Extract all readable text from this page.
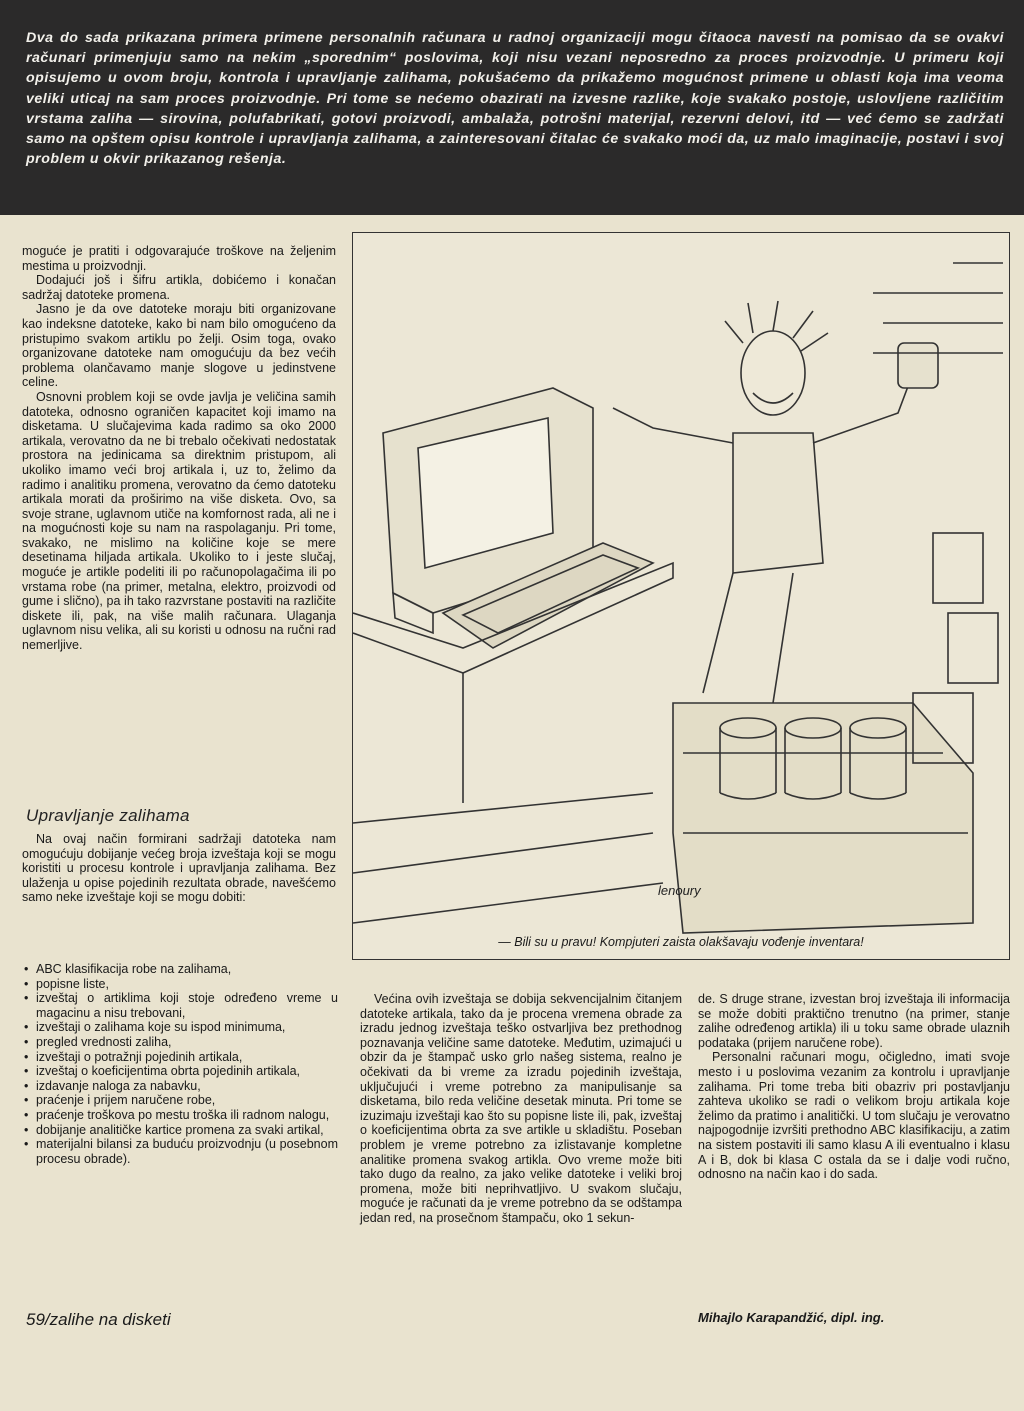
Dva do sada prikazana primera primene personalnih računara u radnoj organizaciji mogu čitaoca navesti na pomisao da se ovakvi računari primenjuju samo na nekim „sporednim“ poslovima, koji nisu vezani neposredno za proces proizvodnje. U primeru koji opisujemo u ovom broju, kontrola i upravljanje zalihama, pokušaćemo da prikažemo mogućnost primene u oblasti koja ima veoma veliki uticaj na sam proces proizvodnje. Pri tome se nećemo obazirati na izvesne razlike, koje svakako postoje, uslovljene različitim vrstama zaliha — sirovina, polufabrikati, gotovi proizvodi, ambalaža, potrošni materijal, rezervni delovi, itd — već ćemo se zadržati samo na opštem opisu kontrole i upravljanja zalihama, a zainteresovani čitalac će svakako moći da, uz malo imaginacije, postavi i svoj problem u okvir prikazanog rešenja.

moguće je pratiti i odgovarajuće troškove na željenim mestima u proizvodnji.

Dodajući još i šifru artikla, dobićemo i konačan sadržaj datoteke promena.

Jasno je da ove datoteke moraju biti organizovane kao indeksne datoteke, kako bi nam bilo omogućeno da pristupimo svakom artiklu po želji. Osim toga, ovako organizovane datoteke nam omogućuju da bez većih problema olančavamo manje slogove u jedinstvene celine.

Osnovni problem koji se ovde javlja je veličina samih datoteka, odnosno ograničen kapacitet koji imamo na disketama. U slučajevima kada radimo sa oko 2000 artikala, verovatno da ne bi trebalo očekivati nedostatak prostora na jedinicama sa direktnim pristupom, ali ukoliko imamo veći broj artikala i, uz to, želimo da radimo i analitiku promena, verovatno da ćemo datoteku artikala morati da proširimo na više disketa. Ovo, sa svoje strane, uglavnom utiče na komfornost rada, ali ne i na mogućnosti koje su nam na raspolaganju. Pri tome, svakako, ne mislimo na količine koje se mere desetinama hiljada artikala. Ukoliko to i jeste slučaj, moguće je artikle podeliti ili po računopolagačima ili po vrstama robe (na primer, metalna, elektro, proizvodi od gume i slično), pa ih tako razvrstane postaviti na različite diskete ili, pak, na više malih računara. Ulaganja uglavnom nisu velika, ali su koristi u odnosu na ručni rad nemerljive.

Upravljanje zalihama

Na ovaj način formirani sadržaji datoteka nam omogućuju dobijanje većeg broja izveštaja koji se mogu koristiti u procesu kontrole i upravljanja zalihama. Bez ulaženja u opise pojedinih rezultata obrade, navešćemo samo neke izveštaje koji se mogu dobiti:

• ABC klasifikacija robe na zalihama,
• popisne liste,
• izveštaj o artiklima koji stoje određeno vreme u magacinu a nisu trebovani,
• izveštaji o zalihama koje su ispod minimuma,
• pregled vrednosti zaliha,
• izveštaji o potražnji pojedinih artikala,
• izveštaj o koeficijentima obrta pojedinih artikala,
• izdavanje naloga za nabavku,
• praćenje i prijem naručene robe,
• praćenje troškova po mestu troška ili radnom nalogu,
• dobijanje analitičke kartice promena za svaki artikal,
• materijalni bilansi za buduću proizvodnju (u posebnom procesu obrade).
lenoury
— Bili su u pravu! Kompjuteri zaista olakšavaju vođenje inventara!

Većina ovih izveštaja se dobija sekvencijalnim čitanjem datoteke artikala, tako da je procena vremena obrade za izradu jednog izveštaja teško ostvarljiva bez prethodnog poznavanja veličine same datoteke. Međutim, uzimajući u obzir da je štampač usko grlo našeg sistema, realno je očekivati da bi vreme za izradu pojedinih izveštaja, uključujući i vreme potrebno za manipulisanje sa disketama, bilo reda veličine desetak minuta. Pri tome se izuzimaju izveštaji kao što su popisne liste ili, pak, izveštaj o koeficijentima obrta za sve artikle u skladištu. Poseban problem je vreme potrebno za izlistavanje kompletne analitike promena svakog artikla. Ovo vreme može biti tako dugo da realno, za jako velike datoteke i veliki broj promena, može biti neprihvatljivo. U svakom slučaju, moguće je računati da je vreme potrebno da se odštampa jedan red, na prosečnom štampaču, oko 1 sekun-

de. S druge strane, izvestan broj izveštaja ili informacija se može dobiti praktično trenutno (na primer, stanje zalihe određenog artikla) ili u toku same obrade ulaznih podataka (prijem naručene robe).

Personalni računari mogu, očigledno, imati svoje mesto i u poslovima vezanim za kontrolu i upravljanje zalihama. Pri tome treba biti obazriv pri postavljanju zahteva ukoliko se radi o velikom broju artikala koje želimo da pratimo i analitički. U tom slučaju je verovatno najpogodnije izvršiti prethodno ABC klasifikaciju, a zatim na sistem postaviti ili samo klasu A ili eventualno i klasu A i B, dok bi klasa C ostala da se i dalje vodi ručno, odnosno na način kao i do sada.

59/zalihe na disketi	Mihajlo Karapandžić, dipl. ing.
